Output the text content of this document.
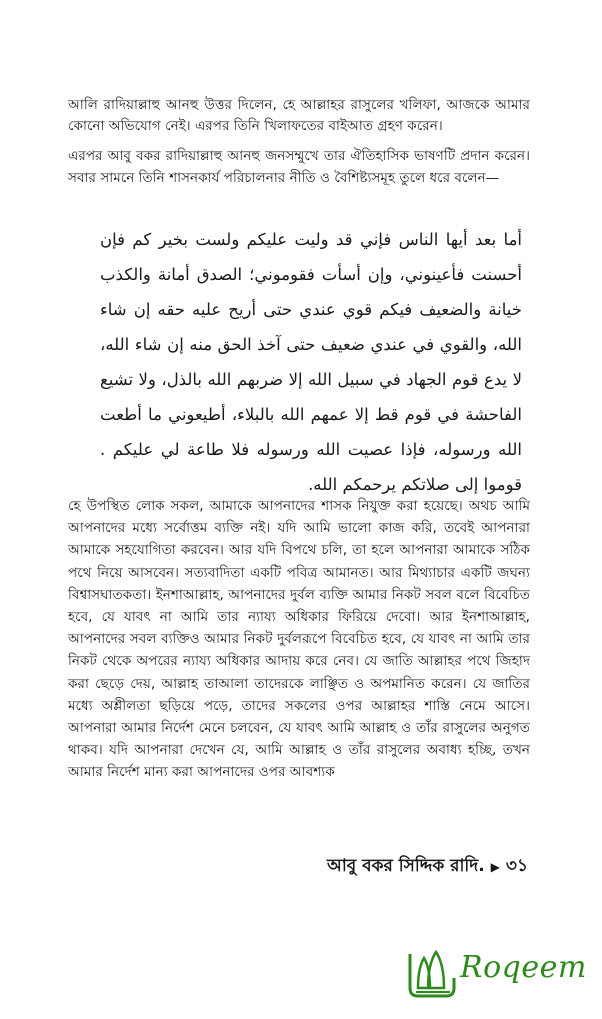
আলি রাদিয়াল্লাহু আনহু উত্তর দিলেন, হে আল্লাহর রাসুলের খলিফা, আজকে আমার কোনো অভিযোগ নেই। এরপর তিনি খিলাফতের বাইআত গ্রহণ করেন।

এরপর আবু বকর রাদিয়াল্লাহু আনহু জনসম্মুখে তার ঐতিহাসিক ভাষণটি প্রদান করেন। সবার সামনে তিনি শাসনকার্য পরিচালনার নীতি ও বৈশিষ্ট্যসমূহ তুলে ধরে বলেন—

أما بعد أيها الناس فإني قد وليت عليكم ولست بخير كم فإن أحسنت فأعينوني، وإن أسأت فقوموني؛ الصدق أمانة والكذب خيانة والضعيف فيكم قوي عندي حتى أريح عليه حقه إن شاء الله، والقوي في عندي ضعيف حتى آخذ الحق منه إن شاء الله، لا يدع قوم الجهاد في سبيل الله إلا ضربهم الله بالذل، ولا تشيع الفاحشة في قوم قط إلا عمهم الله بالبلاء، أطيعوني ما أطعت الله ورسوله، فإذا عصيت الله ورسوله فلا طاعة لي عليكم . قوموا إلى صلاتكم يرحمكم الله.

হে উপস্থিত লোক সকল, আমাকে আপনাদের শাসক নিযুক্ত করা হয়েছে। অথচ আমি আপনাদের মধ্যে সর্বোত্তম ব্যক্তি নই। যদি আমি ভালো কাজ করি, তবেই আপনারা আমাকে সহযোগিতা করবেন। আর যদি বিপথে চলি, তা হলে আপনারা আমাকে সঠিক পথে নিয়ে আসবেন। সত্যবাদিতা একটি পবিত্র আমানত। আর মিথ্যাচার একটি জঘন্য বিশ্বাসঘাতকতা। ইনশাআল্লাহ, আপনাদের দুর্বল ব্যক্তি আমার নিকট সবল বলে বিবেচিত হবে, যে যাবৎ না আমি তার ন্যায্য অধিকার ফিরিয়ে দেবো। আর ইনশাআল্লাহ, আপনাদের সবল ব্যক্তিও আমার নিকট দুর্বলরূপে বিবেচিত হবে, যে যাবৎ না আমি তার নিকট থেকে অপরের ন্যায্য অধিকার আদায় করে নেব। যে জাতি আল্লাহর পথে জিহাদ করা ছেড়ে দেয়, আল্লাহ তাআলা তাদেরকে লাঞ্ছিত ও অপমানিত করেন। যে জাতির মধ্যে অশ্লীলতা ছড়িয়ে পড়ে, তাদের সকলের ওপর আল্লাহর শাস্তি নেমে আসে। আপনারা আমার নির্দেশ মেনে চলবেন, যে যাবৎ আমি আল্লাহ ও তাঁর রাসুলের অনুগত থাকব। যদি আপনারা দেখেন যে, আমি আল্লাহ ও তাঁর রাসুলের অবাধ্য হচ্ছি, তখন আমার নির্দেশ মান্য করা আপনাদের ওপর আবশ্যক

আবু বকর সিদ্দিক রাদি. ▶ ৩১
Roqeem
